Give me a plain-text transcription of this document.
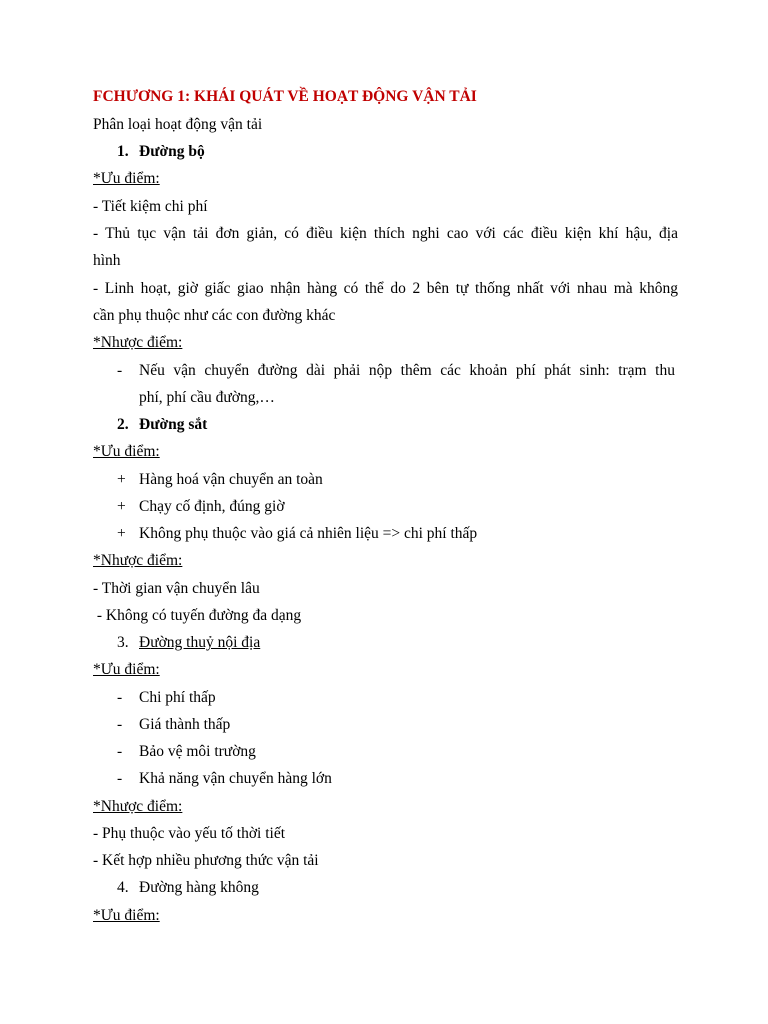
FCHƯƠNG 1: KHÁI QUÁT VỀ HOẠT ĐỘNG VẬN TẢI
Phân loại hoạt động vận tải
1. Đường bộ
*Ưu điểm:
- Tiết kiệm chi phí
- Thủ tục vận tải đơn giản, có điều kiện thích nghi cao với các điều kiện khí hậu, địa
hình
- Linh hoạt, giờ giấc giao nhận hàng có thể do 2 bên tự thống nhất với nhau mà không
cần phụ thuộc như các con đường khác
*Nhược điểm:
- Nếu vận chuyển đường dài phải nộp thêm các khoản phí phát sinh: trạm thu
phí, phí cầu đường,…
2. Đường sắt
*Ưu điểm:
+ Hàng hoá vận chuyển an toàn
+ Chạy cố định, đúng giờ
+ Không phụ thuộc vào giá cả nhiên liệu => chi phí thấp
*Nhược điểm:
- Thời gian vận chuyển lâu
- Không có tuyến đường đa dạng
3. Đường thuỷ nội địa
*Ưu điểm:
- Chi phí thấp
- Giá thành thấp
- Bảo vệ môi trường
- Khả năng vận chuyển hàng lớn
*Nhược điểm:
- Phụ thuộc vào yếu tố thời tiết
- Kết hợp nhiều phương thức vận tải
4. Đường hàng không
*Ưu điểm:
